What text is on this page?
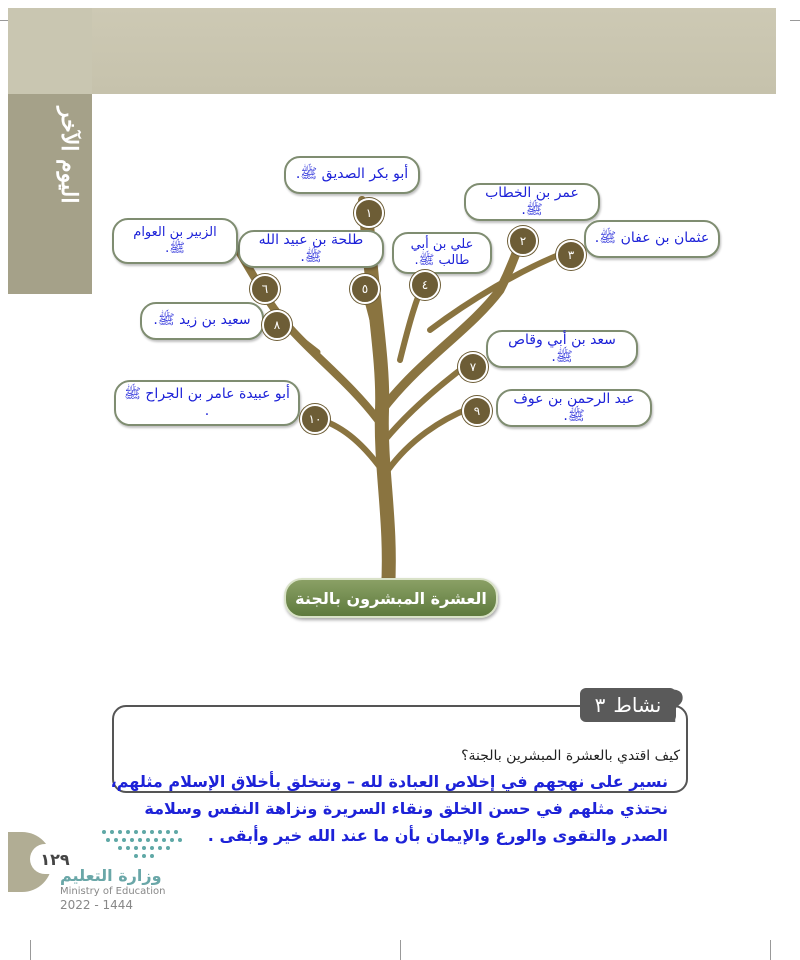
اليوم الآخر	أبو بكر الصديق ﷺ.
عمر بن الخطاب ﷺ.
عثمان بن عفان ﷺ.
علي بن أبي طالب ﷺ.
طلحة بن عبيد الله ﷺ.
الزبير بن العوام ﷺ.
سعد بن أبي وقاص ﷺ.
سعيد بن زيد ﷺ.
عبد الرحمن بن عوف ﷺ.
أبو عبيدة عامر بن الجراح ﷺ .
١
٢
٣
٤
٥
٦
٧
٨
٩
١٠
العشرة المبشرون بالجنة
نشاط
٣ ?
كيف اقتدي بالعشرة المبشرين بالجنة؟
نسير على نهجهم في إخلاص العبادة لله – ونتخلق بأخلاق الإسلام مثلهم، نحتذي مثلهم في حسن الخلق ونقاء السريرة ونزاهة النفس وسلامة الصدر والتقوى والورع والإيمان بأن ما عند الله خير وأبقى .
١٢٩
وزارة التعليم
Ministry of Education
2022 - 1444
